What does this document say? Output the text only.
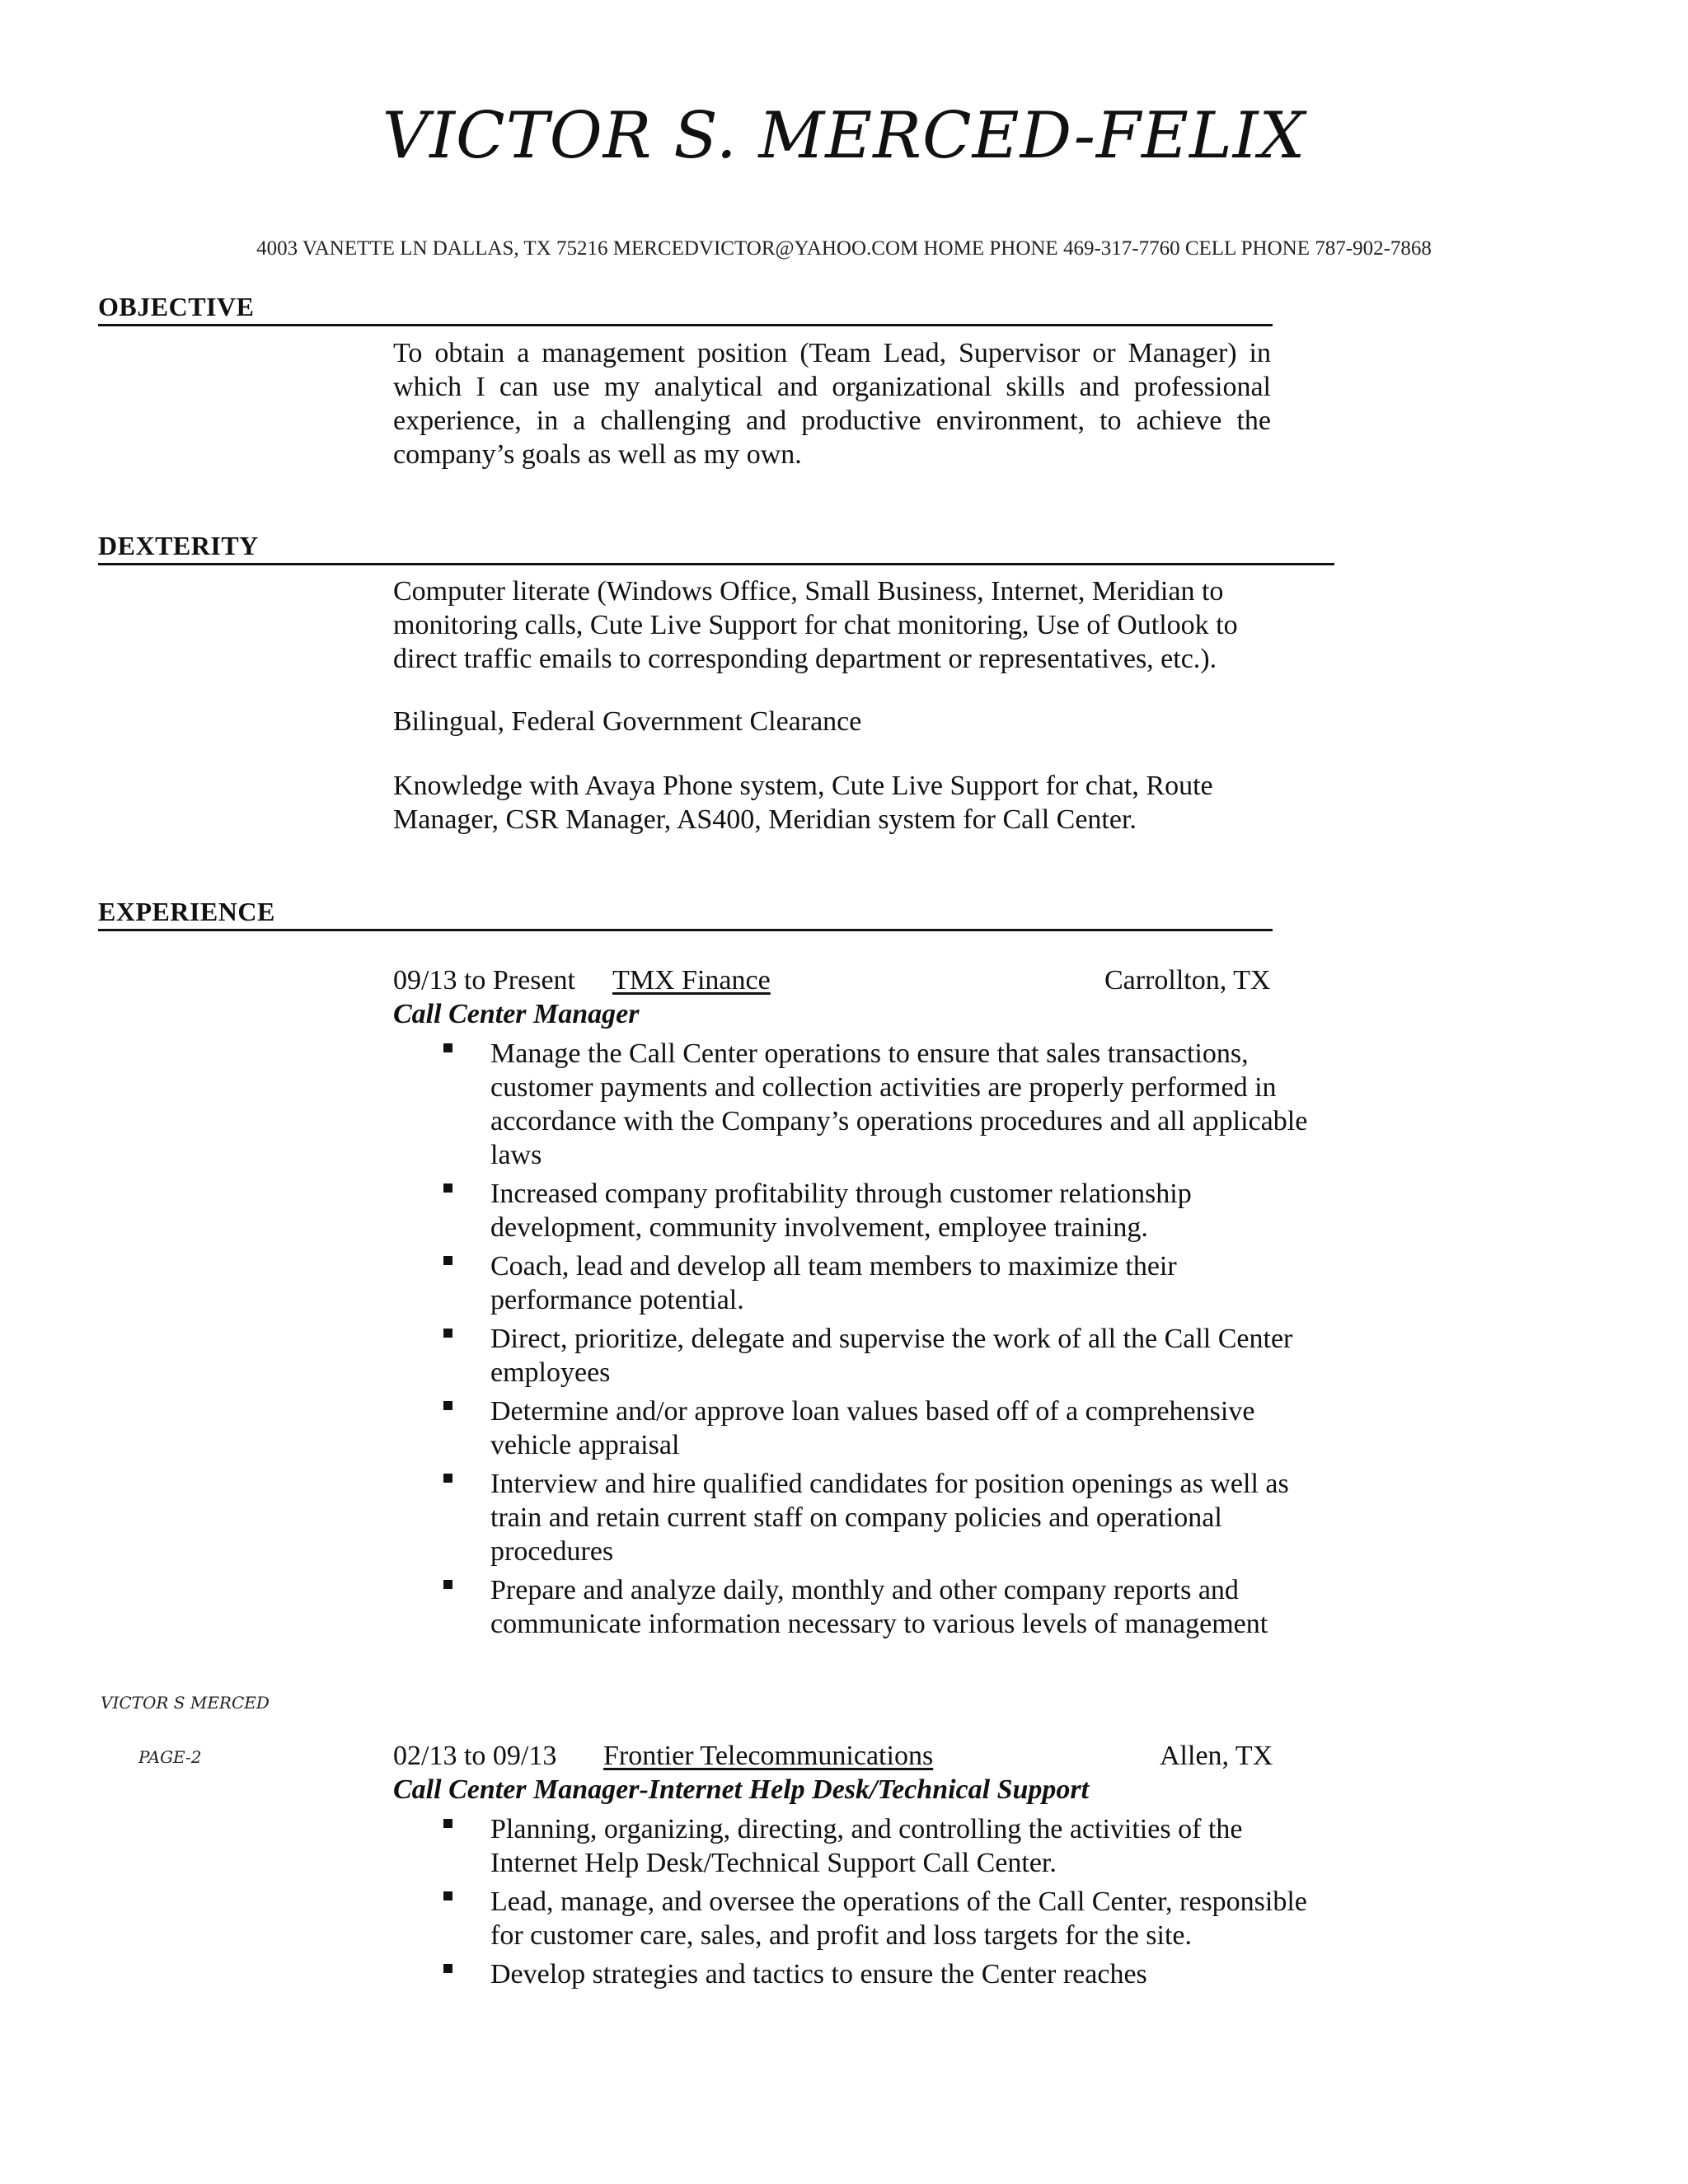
VICTOR S. MERCED-FELIX
4003 VANETTE LN DALLAS, TX 75216 MERCEDVICTOR@YAHOO.COM HOME PHONE 469-317-7760 CELL PHONE 787-902-7868
OBJECTIVE
To obtain a management position (Team Lead, Supervisor or Manager) in which I can use my analytical and organizational skills and professional experience, in a challenging and productive environment, to achieve the company’s goals as well as my own.
DEXTERITY
Computer literate (Windows Office, Small Business, Internet, Meridian to monitoring calls, Cute Live Support for chat monitoring, Use of Outlook to direct traffic emails to corresponding department or representatives, etc.).
Bilingual, Federal Government Clearance
Knowledge with Avaya Phone system, Cute Live Support for chat, Route Manager, CSR Manager, AS400, Meridian system for Call Center.
EXPERIENCE
09/13 to Present TMX Finance	Carrollton, TX
Call Center Manager
Manage the Call Center operations to ensure that sales transactions, customer payments and collection activities are properly performed in accordance with the Company’s operations procedures and all applicable laws
Increased company profitability through customer relationship development, community involvement, employee training.
Coach, lead and develop all team members to maximize their performance potential.
Direct, prioritize, delegate and supervise the work of all the Call Center employees
Determine and/or approve loan values based off of a comprehensive vehicle appraisal
Interview and hire qualified candidates for position openings as well as train and retain current staff on company policies and operational procedures
Prepare and analyze daily, monthly and other company reports and communicate information necessary to various levels of management
VICTOR S MERCED
PAGE-2	02/13 to 09/13 Frontier Telecommunications	Allen, TX
Call Center Manager-Internet Help Desk/Technical Support
Planning, organizing, directing, and controlling the activities of the Internet Help Desk/Technical Support Call Center.
Lead, manage, and oversee the operations of the Call Center, responsible for customer care, sales, and profit and loss targets for the site.
Develop strategies and tactics to ensure the Center reaches
